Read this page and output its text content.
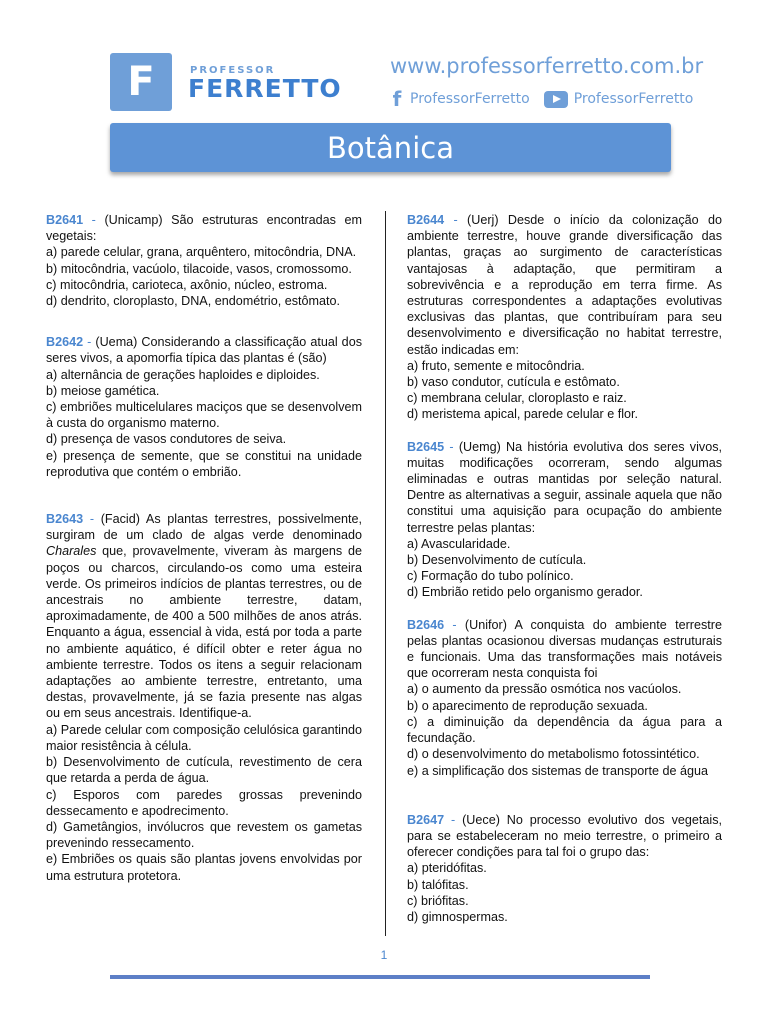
F	PROFESSOR
FERRETTO
www.professorferretto.com.br
f ProfessorFerretto	ProfessorFerretto
Botânica
B2641 - (Unicamp) São estruturas encontradas em vegetais:
a) parede celular, grana, arquêntero, mitocôndria, DNA.
b) mitocôndria, vacúolo, tilacoide, vasos, cromossomo.
c) mitocôndria, carioteca, axônio, núcleo, estroma.
d) dendrito, cloroplasto, DNA, endométrio, estômato.
B2642 - (Uema) Considerando a classificação atual dos seres vivos, a apomorfia típica das plantas é (são)
a) alternância de gerações haploides e diploides.
b) meiose gamética.
c) embriões multicelulares maciços que se desenvolvem à custa do organismo materno.
d) presença de vasos condutores de seiva.
e) presença de semente, que se constitui na unidade reprodutiva que contém o embrião.
B2643 - (Facid) As plantas terrestres, possivelmente, surgiram de um clado de algas verde denominado Charales que, provavelmente, viveram às margens de poços ou charcos, circulando-os como uma esteira verde. Os primeiros indícios de plantas terrestres, ou de ancestrais no ambiente terrestre, datam, aproximadamente, de 400 a 500 milhões de anos atrás. Enquanto a água, essencial à vida, está por toda a parte no ambiente aquático, é difícil obter e reter água no ambiente terrestre. Todos os itens a seguir relacionam adaptações ao ambiente terrestre, entretanto, uma destas, provavelmente, já se fazia presente nas algas ou em seus ancestrais. Identifique-a.
a) Parede celular com composição celulósica garantindo maior resistência à célula.
b) Desenvolvimento de cutícula, revestimento de cera que retarda a perda de água.
c) Esporos com paredes grossas prevenindo dessecamento e apodrecimento.
d) Gametângios, invólucros que revestem os gametas prevenindo ressecamento.
e) Embriões os quais são plantas jovens envolvidas por uma estrutura protetora.
B2644 - (Uerj) Desde o início da colonização do ambiente terrestre, houve grande diversificação das plantas, graças ao surgimento de características vantajosas à adaptação, que permitiram a sobrevivência e a reprodução em terra firme. As estruturas correspondentes a adaptações evolutivas exclusivas das plantas, que contribuíram para seu desenvolvimento e diversificação no habitat terrestre, estão indicadas em:
a) fruto, semente e mitocôndria.
b) vaso condutor, cutícula e estômato.
c) membrana celular, cloroplasto e raiz.
d) meristema apical, parede celular e flor.
B2645 - (Uemg) Na história evolutiva dos seres vivos, muitas modificações ocorreram, sendo algumas eliminadas e outras mantidas por seleção natural. Dentre as alternativas a seguir, assinale aquela que não constitui uma aquisição para ocupação do ambiente terrestre pelas plantas:
a) Avascularidade.
b) Desenvolvimento de cutícula.
c) Formação do tubo polínico.
d) Embrião retido pelo organismo gerador.
B2646 - (Unifor) A conquista do ambiente terrestre pelas plantas ocasionou diversas mudanças estruturais e funcionais. Uma das transformações mais notáveis que ocorreram nesta conquista foi
a) o aumento da pressão osmótica nos vacúolos.
b) o aparecimento de reprodução sexuada.
c) a diminuição da dependência da água para a fecundação.
d) o desenvolvimento do metabolismo fotossintético.
e) a simplificação dos sistemas de transporte de água
B2647 - (Uece) No processo evolutivo dos vegetais, para se estabeleceram no meio terrestre, o primeiro a oferecer condições para tal foi o grupo das:
a) pteridófitas.
b) talófitas.
c) briófitas.
d) gimnospermas.
1
